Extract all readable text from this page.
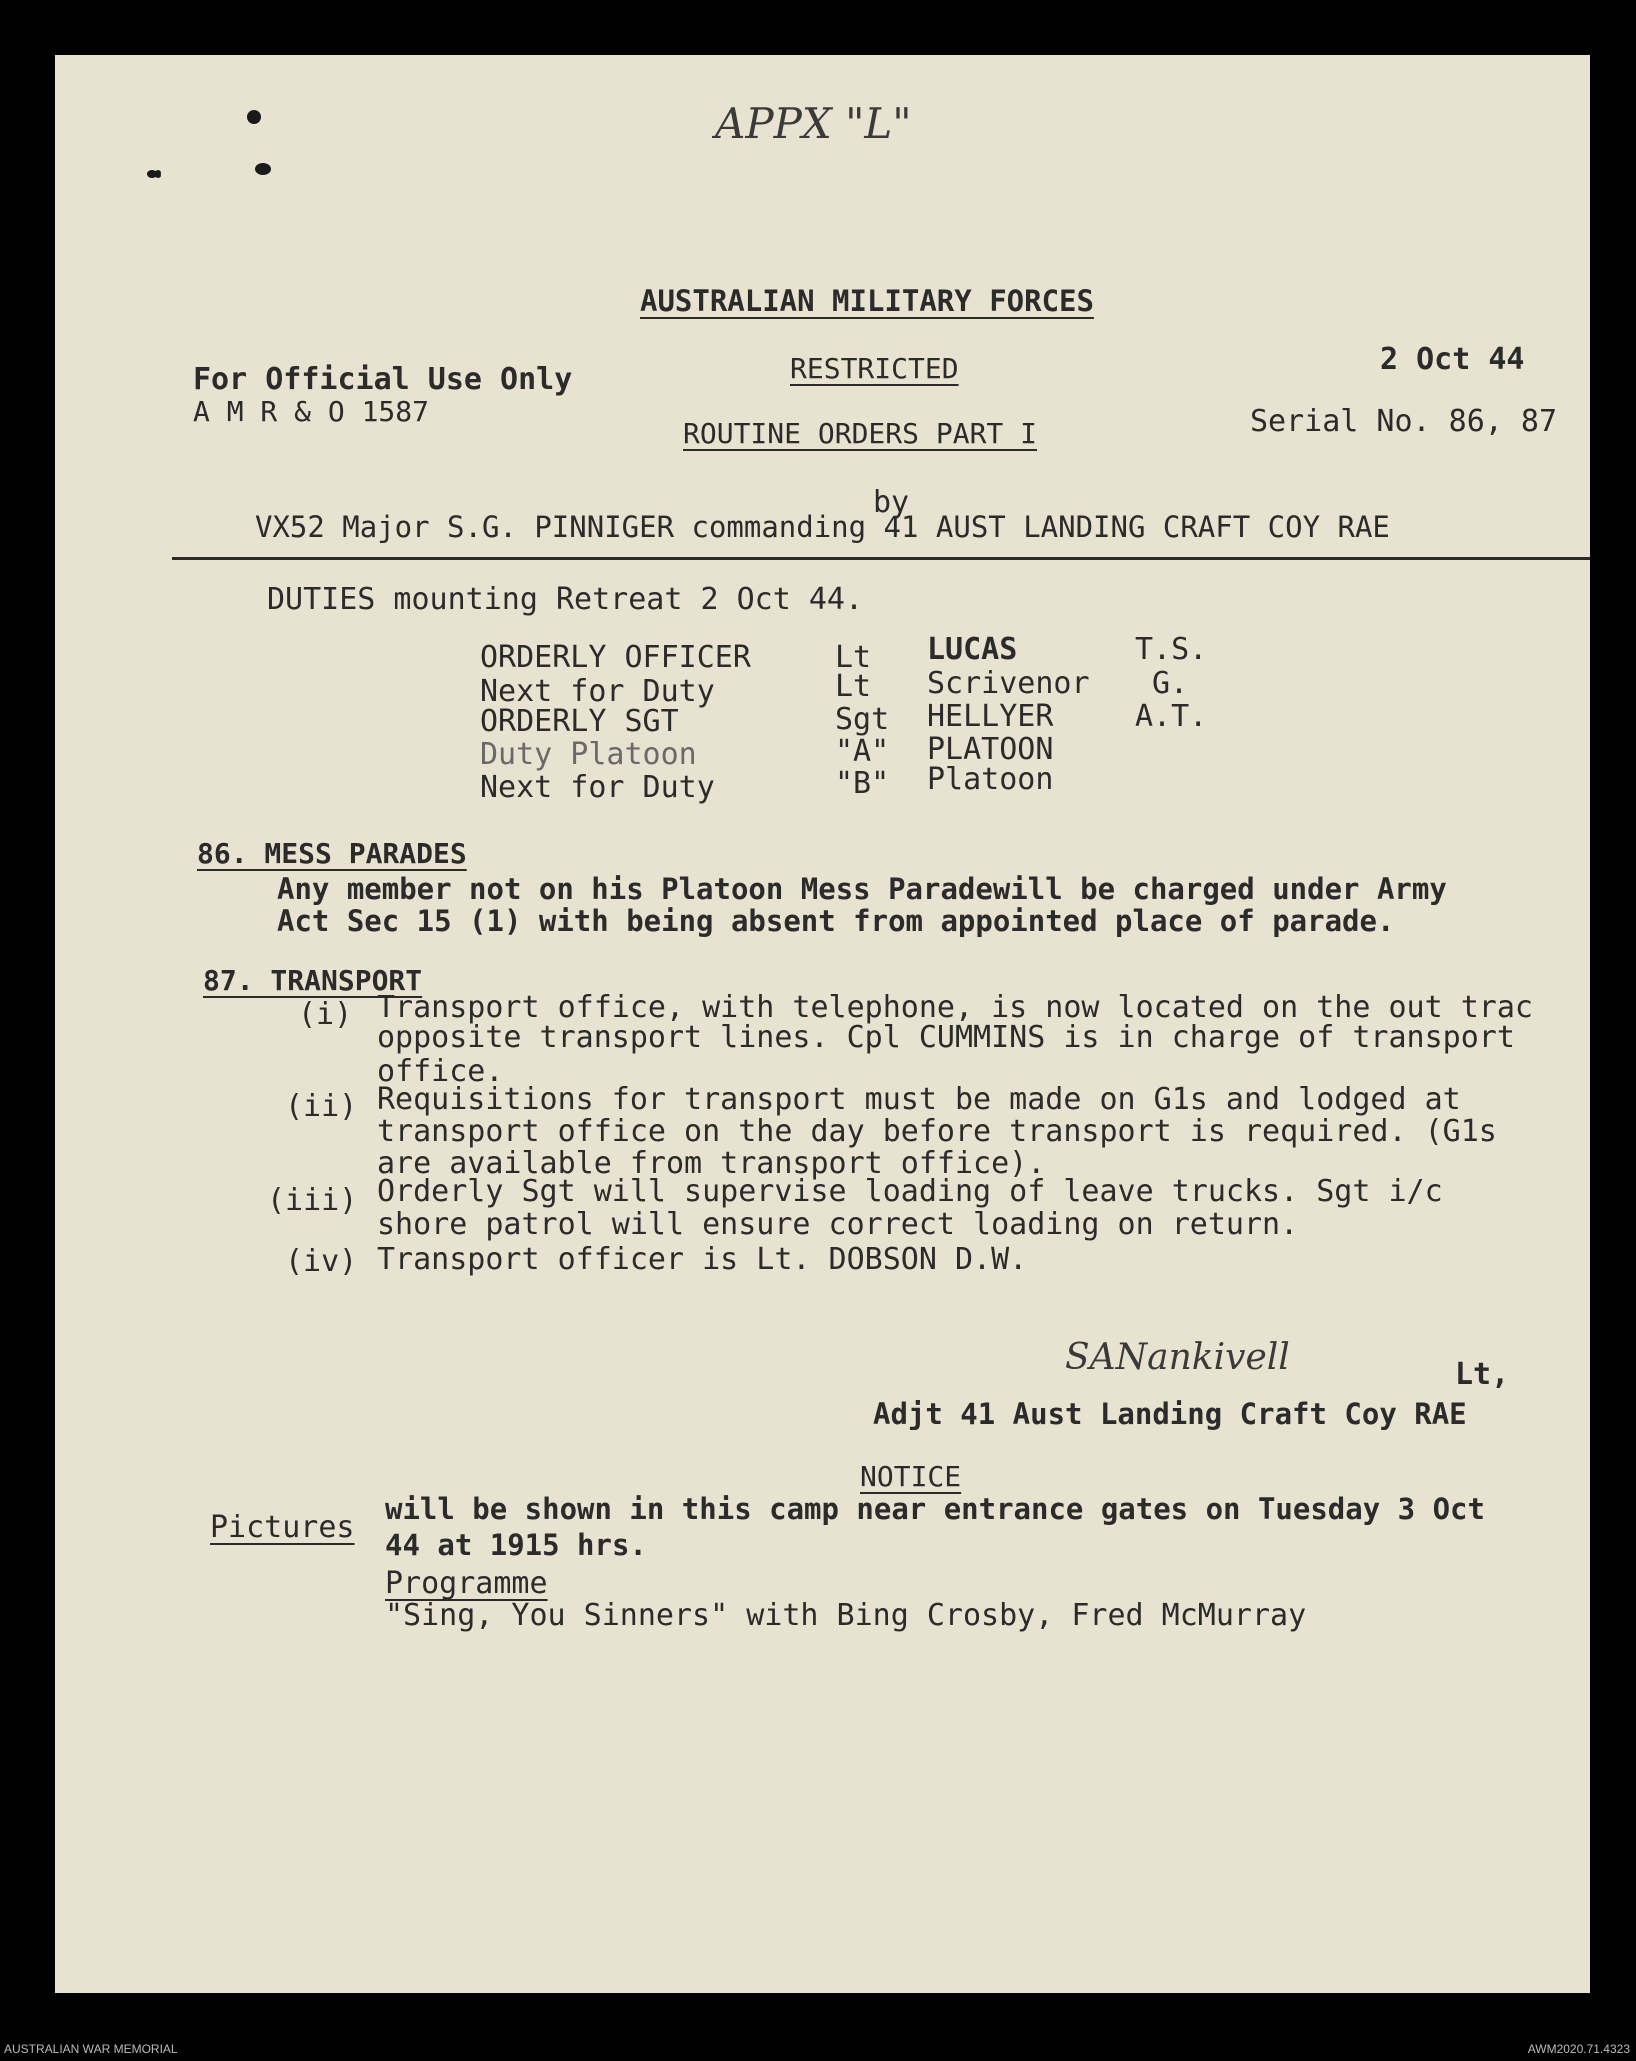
APPX "L"
AUSTRALIAN MILITARY FORCES
For Official Use Only
A M R & O 1587
RESTRICTED	2 Oct 44
ROUTINE ORDERS PART I	Serial No. 86, 87
by
VX52 Major S.G. PINNIGER commanding 41 AUST LANDING CRAFT COY RAE
DUTIES mounting Retreat 2 Oct 44.
ORDERLY OFFICER	Lt LUCAS	T.S.
Next for Duty	Lt Scrivenor G.
ORDERLY SGT	Sgt HELLYER	A.T.
Duty Platoon	"A" PLATOON
Next for Duty	"B" Platoon
86. MESS PARADES
Any member not on his Platoon Mess Paradewill be charged under Army
Act Sec 15 (1) with being absent from appointed place of parade.
87. TRANSPORT
(i) Transport office, with telephone, is now located on the out trac
opposite transport lines. Cpl CUMMINS is in charge of transport
office.
(ii) Requisitions for transport must be made on G1s and lodged at
transport office on the day before transport is required. (G1s
are available from transport office).
(iii) Orderly Sgt will supervise loading of leave trucks. Sgt i/c
shore patrol will ensure correct loading on return.
(iv) Transport officer is Lt. DOBSON D.W.
SANankivell	Lt,
Adjt 41 Aust Landing Craft Coy RAE
NOTICE
Pictures
will be shown in this camp near entrance gates on Tuesday 3 Oct
44 at 1915 hrs.
Programme
"Sing, You Sinners" with Bing Crosby, Fred McMurray
AUSTRALIAN WAR MEMORIAL	AWM2020.71.4323
